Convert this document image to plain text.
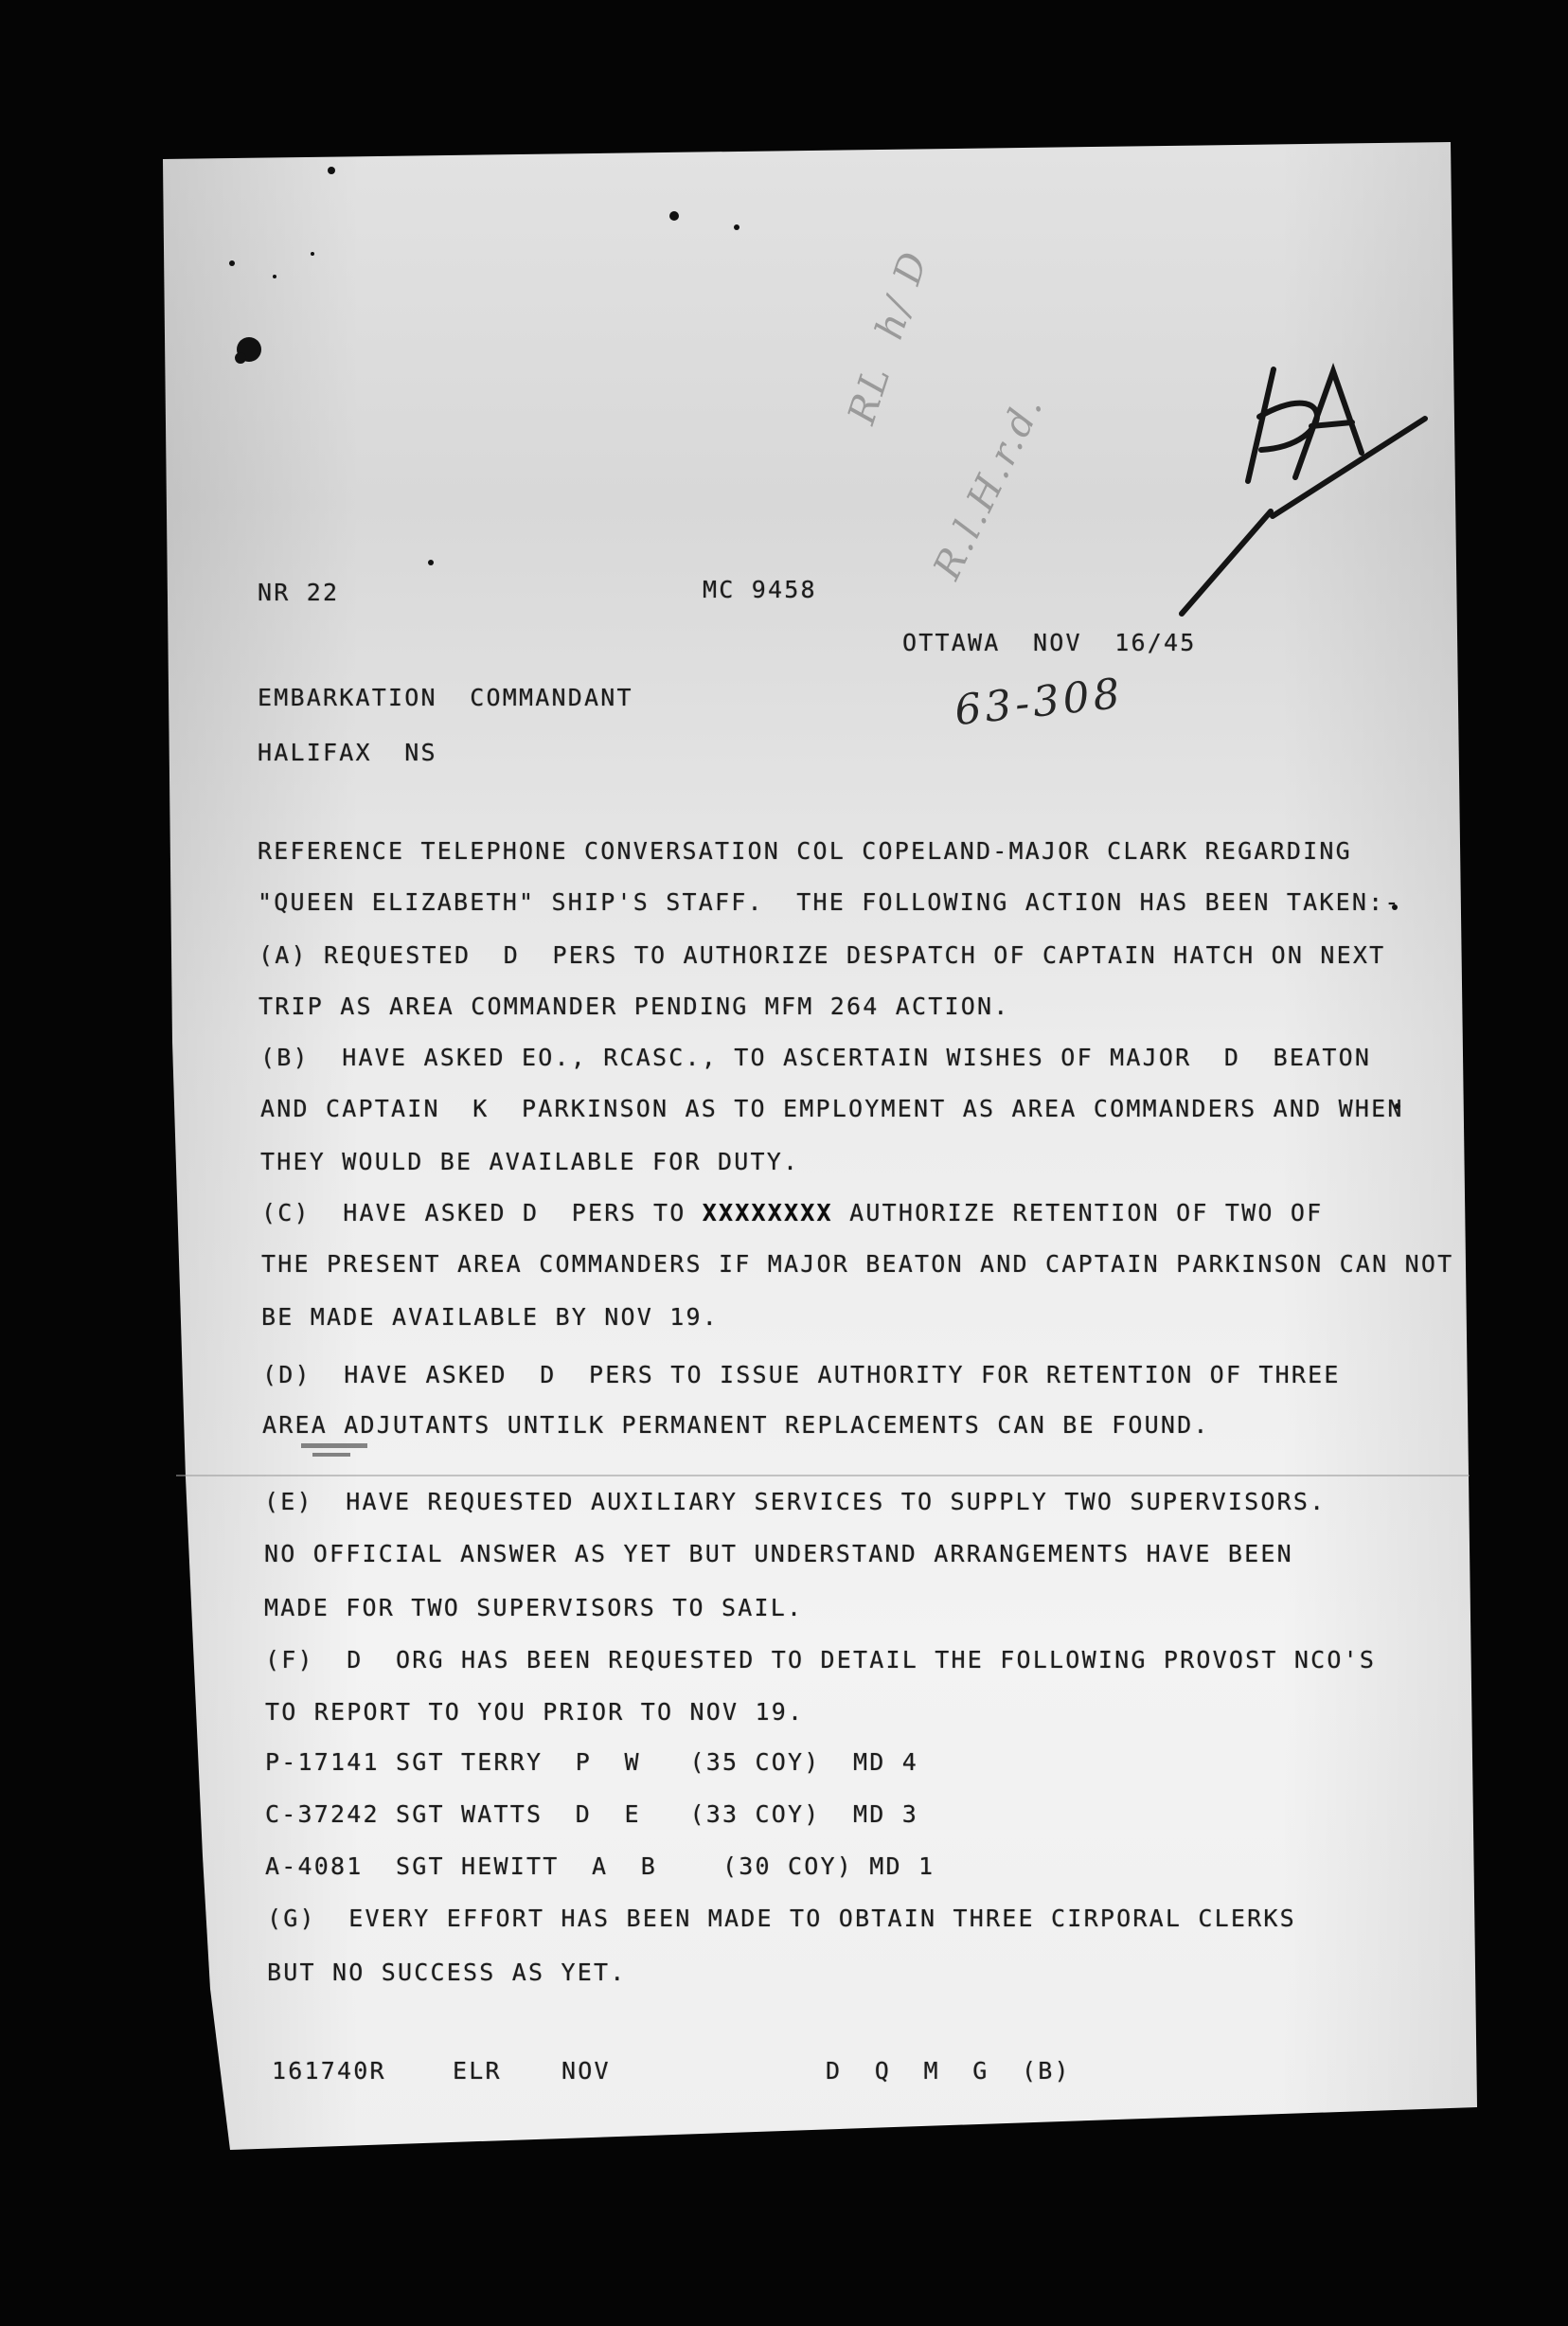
NR 22	MC 9458
OTTAWA  NOV  16/45
EMBARKATION  COMMANDANT
HALIFAX  NS
63-308
RL  h/ D
R.l.H.r.d.
REFERENCE TELEPHONE CONVERSATION COL COPELAND-MAJOR CLARK REGARDING
"QUEEN ELIZABETH" SHIP'S STAFF.  THE FOLLOWING ACTION HAS BEEN TAKEN:-
(A) REQUESTED  D  PERS TO AUTHORIZE DESPATCH OF CAPTAIN HATCH ON NEXT
TRIP AS AREA COMMANDER PENDING MFM 264 ACTION.
(B)  HAVE ASKED EO., RCASC., TO ASCERTAIN WISHES OF MAJOR  D  BEATON
AND CAPTAIN  K  PARKINSON AS TO EMPLOYMENT AS AREA COMMANDERS AND WHEN
THEY WOULD BE AVAILABLE FOR DUTY.
(C)  HAVE ASKED D  PERS TO XXXXXXXX AUTHORIZE RETENTION OF TWO OF
THE PRESENT AREA COMMANDERS IF MAJOR BEATON AND CAPTAIN PARKINSON CAN NOT
BE MADE AVAILABLE BY NOV 19.
(D)  HAVE ASKED  D  PERS TO ISSUE AUTHORITY FOR RETENTION OF THREE
AREA ADJUTANTS UNTILK PERMANENT REPLACEMENTS CAN BE FOUND.
(E)  HAVE REQUESTED AUXILIARY SERVICES TO SUPPLY TWO SUPERVISORS.
NO OFFICIAL ANSWER AS YET BUT UNDERSTAND ARRANGEMENTS HAVE BEEN
MADE FOR TWO SUPERVISORS TO SAIL.
(F)  D  ORG HAS BEEN REQUESTED TO DETAIL THE FOLLOWING PROVOST NCO'S
TO REPORT TO YOU PRIOR TO NOV 19.
P-17141 SGT TERRY  P  W   (35 COY)  MD 4
C-37242 SGT WATTS  D  E   (33 COY)  MD 3
A-4081  SGT HEWITT  A  B    (30 COY) MD 1
(G)  EVERY EFFORT HAS BEEN MADE TO OBTAIN THREE CIRPORAL CLERKS
BUT NO SUCCESS AS YET.
161740R	ELR	NOV	D  Q  M  G  (B)
